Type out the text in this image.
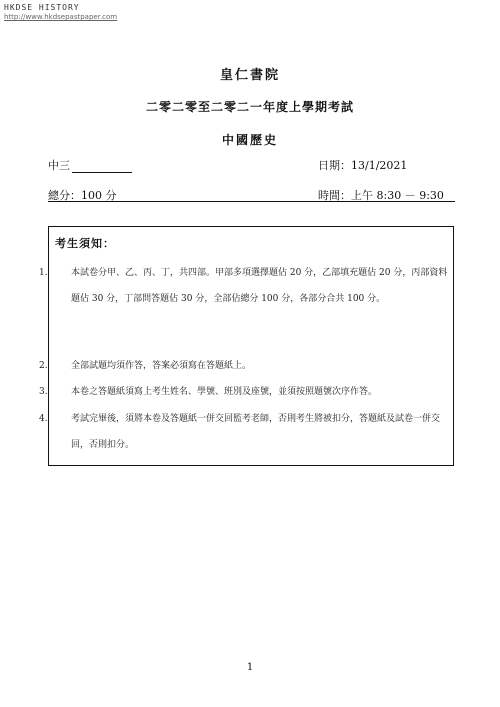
HKDSE HISTORY
http://www.hkdsepastpaper.com
皇仁書院
二零二零至二零二一年度上學期考試
中國歷史
中三	日期：13/1/2021
總分：100 分	時間：上午 8:30 － 9:30
考生須知：

1.	本試卷分甲、乙、丙、丁，共四部。甲部多項選擇題佔 20 分，乙部填充題佔 20 分，丙部資料題佔 30 分，丁部問答題佔 30 分，全部佔總分 100 分，各部分合共 100 分。

2.	全部試題均須作答，答案必須寫在答題紙上。

3.	本卷之答題紙須寫上考生姓名、學號、班別及座號，並須按照題號次序作答。

4.	考試完畢後，須將本卷及答題紙一併交回監考老師，否則考生將被扣分，答題紙及試卷一併交回，否則扣分。

1
